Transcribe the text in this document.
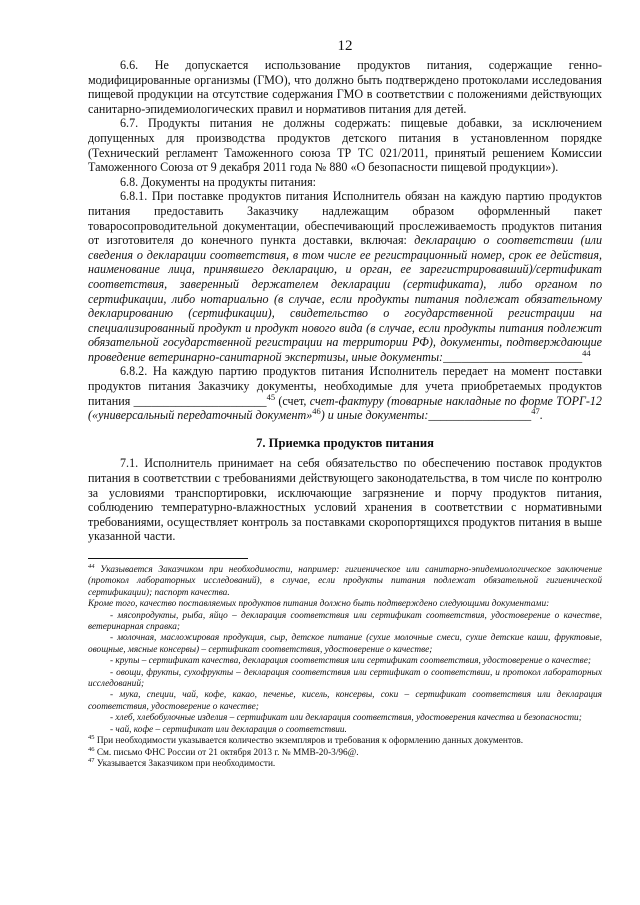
12

6.6. Не допускается использование продуктов питания, содержащие генно-модифицированные организмы (ГМО), что должно быть подтверждено протоколами исследования пищевой продукции на отсутствие содержания ГМО в соответствии с положениями действующих санитарно-эпидемиологических правил и нормативов питания для детей.

6.7. Продукты питания не должны содержать: пищевые добавки, за исключением допущенных для производства продуктов детского питания в установленном порядке (Технический регламент Таможенного союза ТР ТС 021/2011, принятый решением Комиссии Таможенного Союза от 9 декабря 2011 года № 880 «О безопасности пищевой продукции»).

6.8. Документы на продукты питания:

6.8.1. При поставке продуктов питания Исполнитель обязан на каждую партию продуктов питания предоставить Заказчику надлежащим образом оформленный пакет товаросопроводительной документации, обеспечивающий прослеживаемость продуктов питания от изготовителя до конечного пункта доставки, включая: декларацию о соответствии (или сведения о декларации соответствия, в том числе ее регистрационный номер, срок ее действия, наименование лица, принявшего декларацию, и орган, ее зарегистрировавший)/сертификат соответствия, заверенный держателем декларации (сертификата), либо органом по сертификации, либо нотариально (в случае, если продукты питания подлежат обязательному декларированию (сертификации), свидетельство о государственной регистрации на специализированный продукт и продукт нового вида (в случае, если продукты питания подлежит обязательной государственной регистрации на территории РФ), документы, подтверждающие проведение ветеринарно-санитарной экспертизы, иные документы:_______________________$^{44}$

6.8.2. На каждую партию продуктов питания Исполнитель передает на момент поставки продуктов питания Заказчику документы, необходимые для учета приобретаемых продуктов питания ______________________$^{45}$ (счет, счет-фактуру (товарные накладные по форме ТОРГ-12 («универсальный передаточный документ»$^{46}$) и иные документы:_________________$^{47}$.

7. Приемка продуктов питания

7.1. Исполнитель принимает на себя обязательство по обеспечению поставок продуктов питания в соответствии с требованиями действующего законодательства, в том числе по контролю за условиями транспортировки, исключающие загрязнение и порчу продуктов питания, соблюдению температурно-влажностных условий хранения в соответствии с нормативными требованиями, осуществляет контроль за поставками скоропортящихся продуктов питания в выше указанной части.

$^{44}$ Указывается Заказчиком при необходимости, например: гигиеническое или санитарно-эпидемиологическое заключение (протокол лабораторных исследований), в случае, если продукты питания подлежат обязательной гигиенической сертификации); паспорт качества.

Кроме того, качество поставляемых продуктов питания должно быть подтверждено следующими документами:

- мясопродукты, рыба, яйцо – декларация соответствия или сертификат соответствия, удостоверение о качестве, ветеринарная справка;

- молочная, масложировая продукция, сыр, детское питание (сухие молочные смеси, сухие детские каши, фруктовые, овощные, мясные консервы) – сертификат соответствия, удостоверение о качестве;

- крупы – сертификат качества, декларация соответствия или сертификат соответствия, удостоверение о качестве;

- овощи, фрукты, сухофрукты – декларация соответствия или сертификат о соответствии, и протокол лабораторных исследований;

- мука, специи, чай, кофе, какао, печенье, кисель, консервы, соки – сертификат соответствия или декларация соответствия, удостоверение о качестве;

- хлеб, хлебобулочные изделия – сертификат или декларация соответствия, удостоверения качества и безопасности;

- чай, кофе – сертификат или декларация о соответствии.

$^{45}$ При необходимости указывается количество экземпляров и требования к оформлению данных документов.

$^{46}$ См. письмо ФНС России от 21 октября 2013 г. № ММВ-20-3/96@.

$^{47}$ Указывается Заказчиком при необходимости.
